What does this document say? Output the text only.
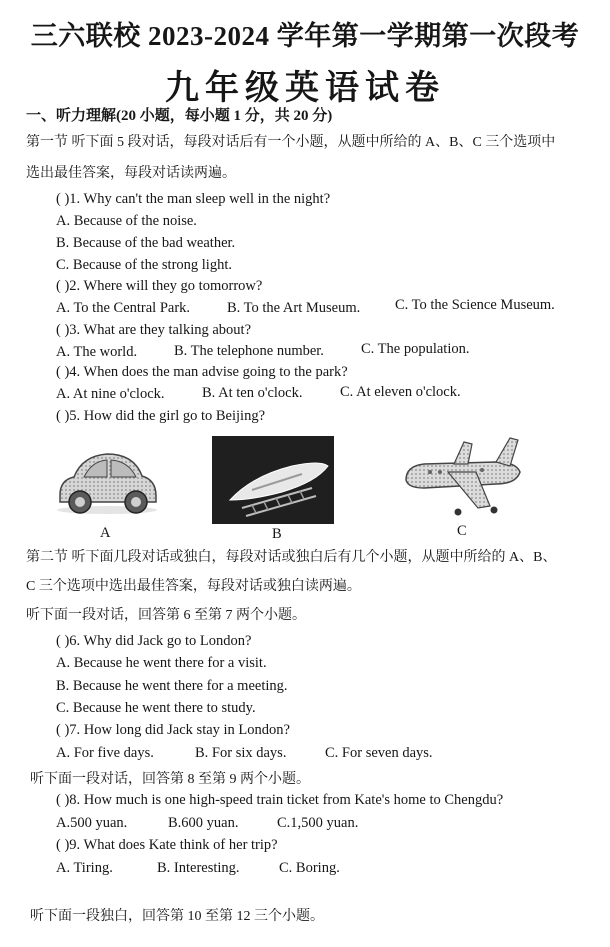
三六联校 2023-2024 学年第一学期第一次段考
九年级英语试卷
一、听力理解(20 小题，每小题 1 分，共 20 分)
第一节 听下面 5 段对话，每段对话后有一个小题，从题中所给的 A、B、C 三个选项中
选出最佳答案，每段对话读两遍。
( )1. Why can't the man sleep well in the night?
A. Because of the noise.
B. Because of the bad weather.
C. Because of the strong light.
( )2. Where will they go tomorrow?
A. To the Central Park.	B. To the Art Museum. C. To the Science Museum.
( )3. What are they talking about?
A. The world.	B. The telephone number.	C. The population.
( )4. When does the man advise going to the park?
A. At nine o'clock.	B. At ten o'clock.	C. At eleven o'clock.
( )5. How did the girl go to Beijing?
A	B	C
第二节 听下面几段对话或独白，每段对话或独白后有几个小题，从题中所给的 A、B、
C 三个选项中选出最佳答案，每段对话或独白读两遍。
听下面一段对话，回答第 6 至第 7 两个小题。
( )6. Why did Jack go to London?
A. Because he went there for a visit.
B. Because he went there for a meeting.
C. Because he went there to study.
( )7. How long did Jack stay in London?
A. For five days.	B. For six days.	C. For seven days.
听下面一段对话，回答第 8 至第 9 两个小题。
( )8. How much is one high-speed train ticket from Kate's home to Chengdu?
A.500 yuan.	B.600 yuan.	C.1,500 yuan.
( )9. What does Kate think of her trip?
A. Tiring.	B. Interesting.	C. Boring.
听下面一段独白，回答第 10 至第 12 三个小题。
